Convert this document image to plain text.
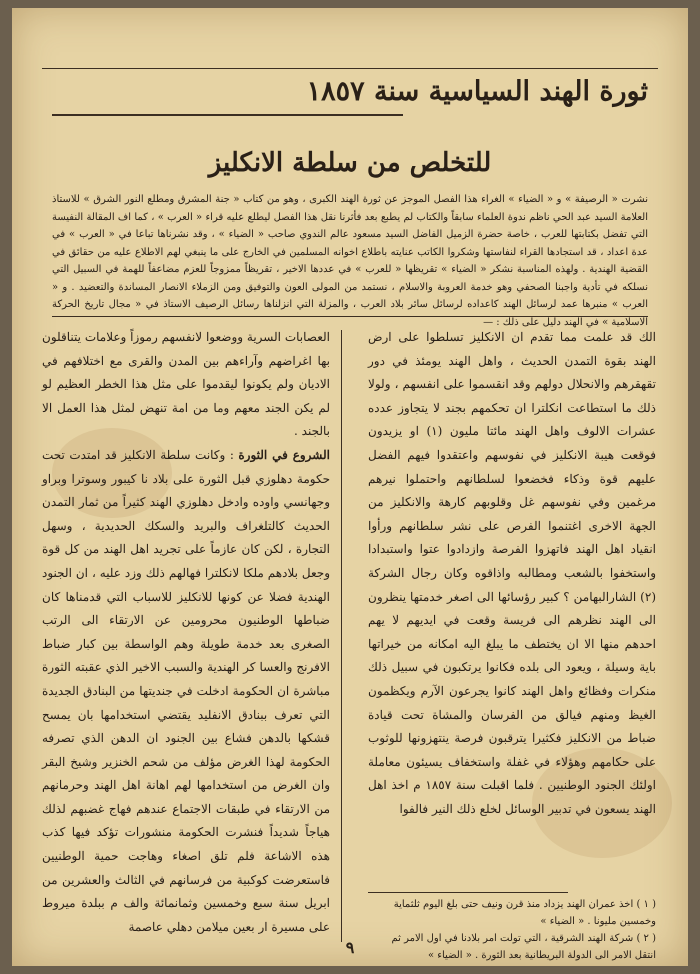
ثورة الهند السياسية سنة ١٨٥٧
للتخلص من سلطة الانكليز
نشرت « الرصيفة » و « الضياء » الغراء هذا الفصل الموجز عن ثورة الهند الكبرى ، وهو من كتاب « جنة المشرق ومطلع النور الشرق » للاستاذ العلامة السيد عبد الحي ناظم ندوة العلماء سابقاً والكتاب لم يطبع بعد فأثرنا نقل هذا الفصل ليطلع عليه قراء « العرب » ، كما اف المقالة النفيسة التي تفضل بكتابتها للعرب ، خاصة حضرة الزميل الفاضل السيد مسعود عالم الندوي صاحب « الضياء » ، وقد نشرناها تباعا في « العرب » في عدة اعداد ، قد استجادها القراء لنفاستها وشكروا الكاتب عنايته باطلاع اخوانه المسلمين في الخارج على ما ينبغي لهم الاطلاع عليه من حقائق في القضية الهندية . ولهذه المناسبة نشكر « الضياء » تقريظها « للعرب » في عددها الاخير ، تقريظاً ممزوجاً للعزم مضاعفاً للهمة في السبيل التي نسلكه في تأدية واجبنا الصحفي وهو خدمة العروبة والاسلام ، نستمد من المولى العون والتوفيق ومن الزملاء الانصار المساندة والتعضيد . و « العرب » منبرها عمد لرسائل الهند كاعداده لرسائل سائر بلاد العرب ، والمزلة التي انزلناها رسائل الرصيف الاستاذ في « مجال تاريخ الحركة الاسلامية » في الهند دليل على ذلك : —

الك قد علمت مما تقدم ان الانكليز تسلطوا على ارض الهند بقوة التمدن الحديث ، واهل الهند يومئذ في دور تقهقرهم والانحلال دولهم وقد انقسموا على انفسهم ، ولولا ذلك ما استطاعت انكلترا ان تحكمهم بجند لا يتجاوز عدده عشرات الالوف واهل الهند مائتا مليون (١) او يزيدون فوقعت هيبة الانكليز في نفوسهم واعتقدوا فيهم الفضل عليهم قوة وذكاء فخضعوا لسلطانهم واحتملوا نيرهم مرغمين وفي نفوسهم غل وقلوبهم كارهة والانكليز من الجهة الاخرى اغتنموا الفرص على نشر سلطانهم ورأوا انقياد اهل الهند فاتهزوا الفرصة وازدادوا عتوا واستبدادا واستخفوا بالشعب ومطالبه واذاقوه وكان رجال الشركة (٢) الشارالبهامن ؟ كبير رؤسائها الى اصغر خدمتها ينظرون الى الهند نظرهم الى فريسة وقعت في ايديهم لا يهم احدهم منها الا ان يختطف ما يبلغ اليه امكانه من خيراتها باية وسيلة ، ويعود الى بلده فكانوا يرتكبون في سبيل ذلك منكرات وفظائع واهل الهند كانوا يجرعون الآرم ويكظمون الغيظ ومنهم فيالق من الفرسان والمشاة تحت قيادة ضباط من الانكليز فكثيرا يترقبون فرصة ينتهزونها للوثوب على حكامهم وهؤلاء في غفلة واستخفاف يسيئون معاملة اولئك الجنود الوطنيين . فلما اقبلت سنة ١٨٥٧ م اخذ اهل الهند يسعون في تدبير الوسائل لخلع ذلك النير فالفوا

العصابات السرية ووضعوا لانفسهم رموزاً وعلامات يتناقلون بها اغراضهم وآراءهم بين المدن والقرى مع اختلافهم في الاديان ولم يكونوا ليقدموا على مثل هذا الخطر العظيم لو لم يكن الجند معهم وما من امة تنهض لمثل هذا العمل الا بالجند .

الشروع في الثورة : وكانت سلطة الانكليز قد امتدت تحت حكومة دهلوزي قبل الثورة على بلاد نا كيبور وسوترا وبراو وجهانسي واوده وادخل دهلوزي الهند كثيراً من ثمار التمدن الحديث كالتلغراف والبريد والسكك الحديدية ، وسهل التجارة ، لكن كان عازماً على تجريد اهل الهند من كل قوة وجعل بلادهم ملكا لانكلترا فهالهم ذلك وزد عليه ، ان الجنود الهندية فضلا عن كونها للانكليز للاسباب التي قدمناها كان ضباطها الوطنيون محرومين عن الارتقاء الى الرتب الصغرى بعد خدمة طويلة وهم الواسطة بين كبار ضباط الافرنج والعسا كر الهندية والسبب الاخير الذي عقبته الثورة مباشرة ان الحكومة ادخلت في جنديتها من البنادق الجديدة التي تعرف ببنادق الانفليد يقتضي استخدامها بان يمسح قشكها بالدهن فشاع بين الجنود ان الدهن الذي تصرفه الحكومة لهذا الغرض مؤلف من شحم الخنزير وشيخ البقر وان الغرض من استخدامها لهم اهانة اهل الهند وحرمانهم من الارتقاء في طبقات الاجتماع عندهم فهاج غضبهم لذلك هياجاً شديداً فنشرت الحكومة منشورات تؤكد فيها كذب هذه الاشاعة فلم تلق اصغاء وهاجت حمية الوطنيين فاستعرضت كوكبية من فرسانهم في الثالث والعشرين من ابريل سنة سبع وخمسين وثمانمائة والف م ببلدة ميروط على مسيرة ار بعين ميلامن دهلي عاصمة

( ١ ) اخذ عمران الهند يزداد منذ قرن ونيف حتى بلغ اليوم ثلثماية وخمسين مليونا . « الضياء »

( ٢ ) شركة الهند الشرقية ، التي تولت امر بلادنا في اول الامر ثم انتقل الامر الى الدولة البريطانية بعد الثورة . « الضياء »

٩
